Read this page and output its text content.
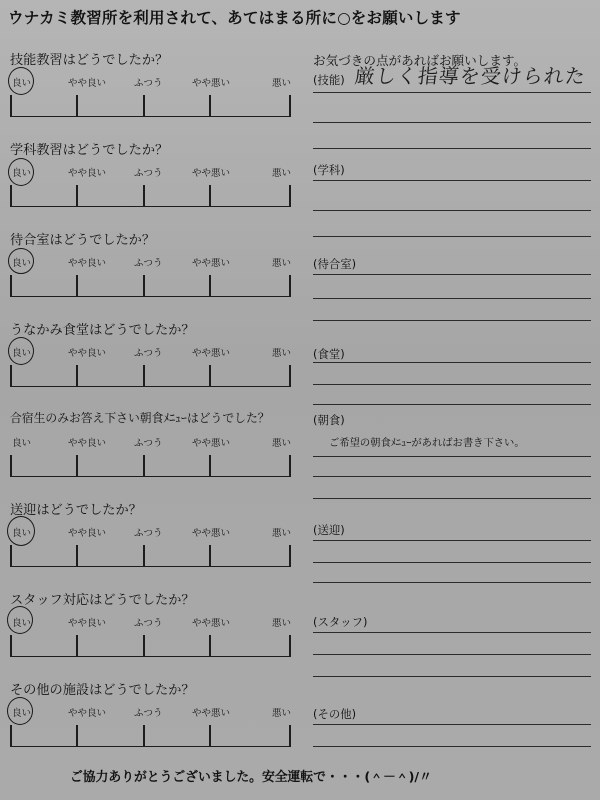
ウナカミ教習所を利用されて、あてはまる所に○をお願いします
技能教習はどうでしたか？
良い	やや良い	ふつう	やや悪い	悪い
学科教習はどうでしたか？
良い	やや良い	ふつう	やや悪い	悪い
待合室はどうでしたか？
良い	やや良い	ふつう	やや悪い	悪い
うなかみ食堂はどうでしたか？
良い	やや良い	ふつう	やや悪い	悪い
合宿生のみお答え下さい朝食ﾒﾆｭｰはどうでした？
良い	やや良い	ふつう	やや悪い	悪い
送迎はどうでしたか？
良い	やや良い	ふつう	やや悪い	悪い
スタッフ対応はどうでしたか？
良い	やや良い	ふつう	やや悪い	悪い
その他の施設はどうでしたか？
良い	やや良い	ふつう	やや悪い	悪い
お気づきの点があればお願いします。
(技能) 厳しく指導を受けられた
(学科)
(待合室)
(食堂)
(朝食)
ご希望の朝食ﾒﾆｭｰがあればお書き下さい。
(送迎)
(スタッフ)
(その他)
ご協力ありがとうございました。安全運転で・・・(＾－＾)/〃
